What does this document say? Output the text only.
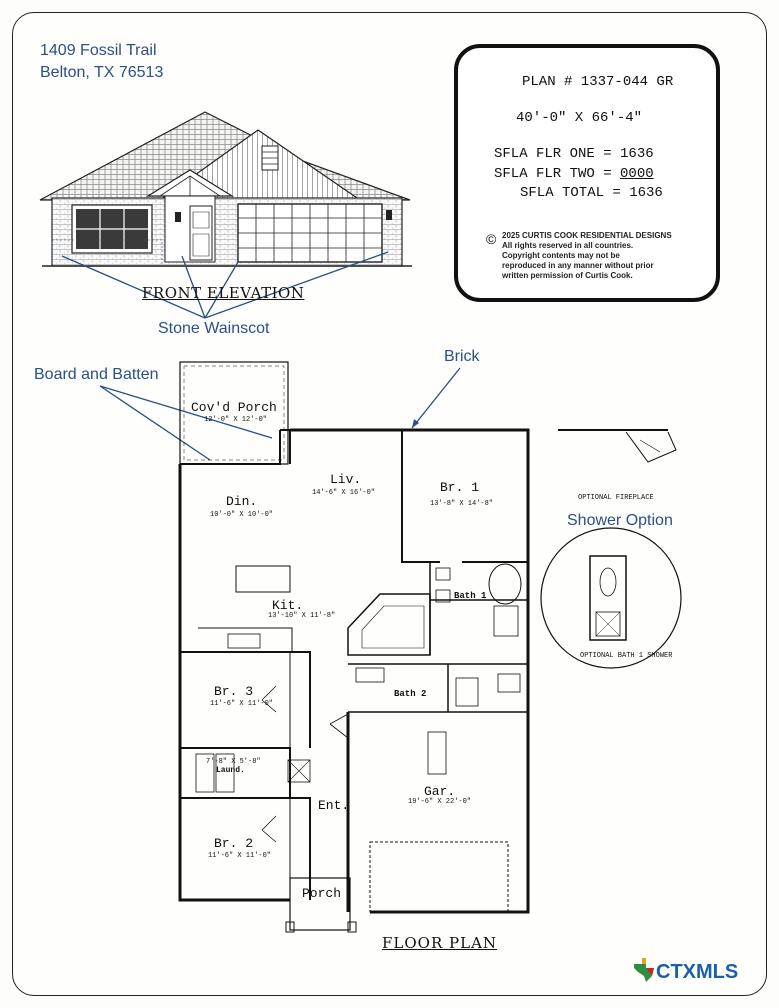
1409 Fossil Trail
Belton, TX 76513
PLAN # 1337-044 GR
40'-0" X 66'-4"
SFLA FLR ONE = 1636
SFLA FLR TWO = 0000
SFLA TOTAL = 1636
© 2025 CURTIS COOK RESIDENTIAL DESIGNS
All rights reserved in all countries.
Copyright contents may not be
reproduced in any manner without prior
written permission of Curtis Cook.
FRONT ELEVATION
Stone Wainscot
Board and Batten
Brick
Shower Option
Cov'd Porch
12'-0" X 12'-0"
Liv.
14'-6" X 16'-0"	Br. 1
13'-8" X 14'-8"
Din.
10'-0" X 10'-0"
Kit.
13'-10" X 11'-8"
Bath 1
Br. 3
11'-6" X 11'-0"
Bath 2
7'-8" X 5'-8"
Laund.
Gar.
19'-6" X 22'-0"
Ent.
Br. 2
11'-6" X 11'-0"
Porch
OPTIONAL FIREPLACE
OPTIONAL BATH 1 SHOWER
FLOOR PLAN
CTXMLS
